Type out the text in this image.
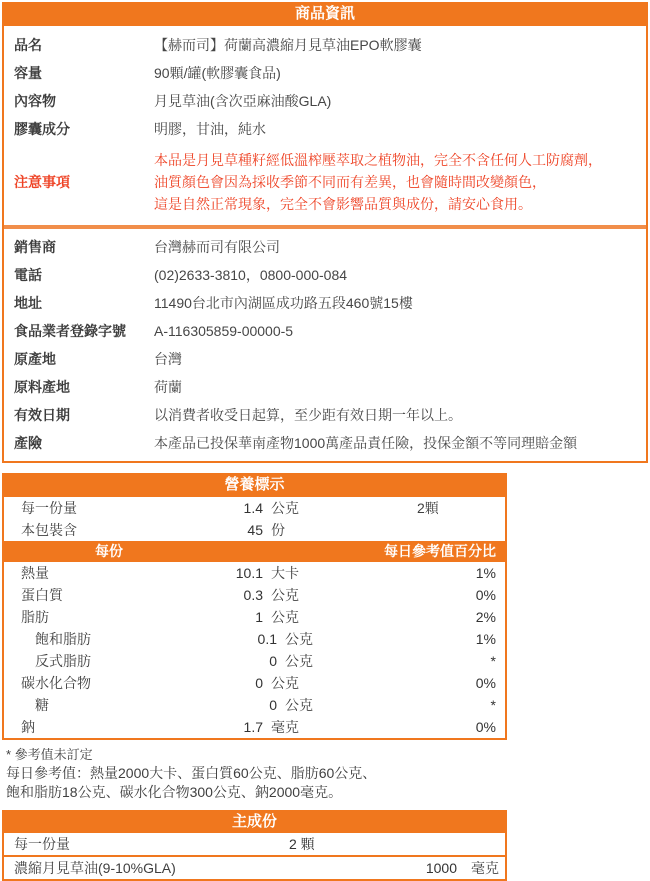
商品資訊
品名	【赫而司】荷蘭高濃縮月見草油EPO軟膠囊
容量	90顆/罐(軟膠囊食品)
內容物	月見草油(含次亞麻油酸GLA)
膠囊成分	明膠，甘油，純水
注意事項
本品是月見草種籽經低溫榨壓萃取之植物油，完全不含任何人工防腐劑，
油質顏色會因為採收季節不同而有差異，也會隨時間改變顏色，
這是自然正常現象，完全不會影響品質與成份，請安心食用。
銷售商	台灣赫而司有限公司
電話	(02)2633-3810，0800-000-084
地址	11490台北市內湖區成功路五段460號15樓
食品業者登錄字號	A-116305859-00000-5
原產地	台灣
原料產地	荷蘭
有效日期	以消費者收受日起算，至少距有效日期一年以上。
產險	本產品已投保華南產物1000萬產品責任險，投保金額不等同理賠金額
營養標示
每一份量	1.4 公克	2顆
本包裝含	45 份
每份	每日參考值百分比
熱量	10.1 大卡	1%
蛋白質	0.3 公克	0%
脂肪	1 公克	2%
飽和脂肪	0.1 公克	1%
反式脂肪	0 公克	*
碳水化合物	0 公克	0%
糖	0 公克	*
鈉	1.7 毫克	0%
* 參考值未訂定
每日參考值：熱量2000大卡、蛋白質60公克、脂肪60公克、
飽和脂肪18公克、碳水化合物300公克、鈉2000毫克。
主成份
每一份量	2 顆
濃縮月見草油(9-10%GLA)	1000	毫克
